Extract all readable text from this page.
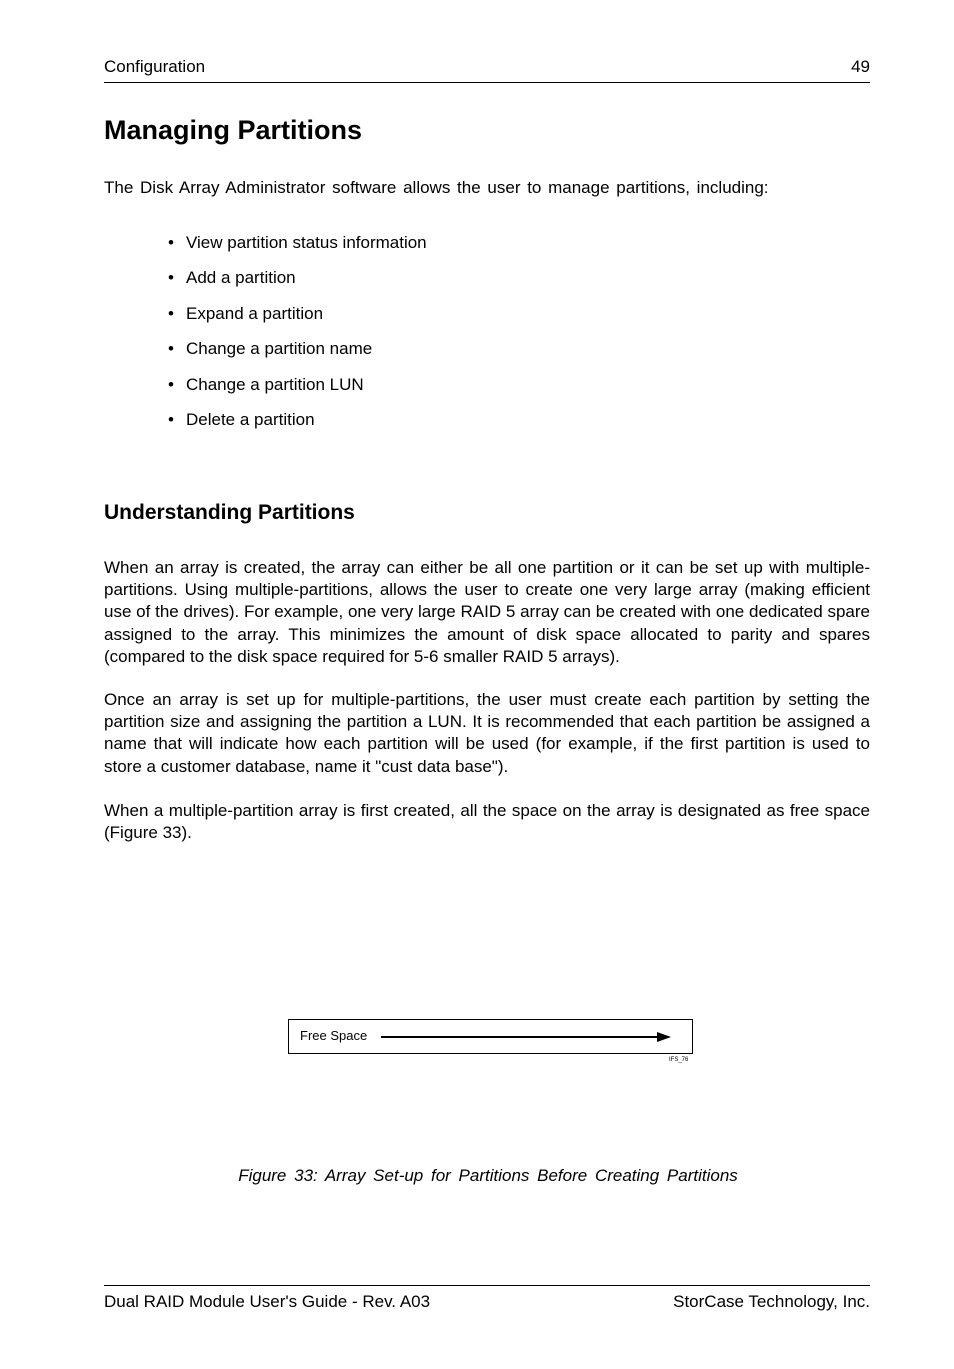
Configuration	49
Managing Partitions

The Disk Array Administrator software allows the user to manage partitions, including:

• View partition status information
• Add a partition
• Expand a partition
• Change a partition name
• Change a partition LUN
• Delete a partition
Understanding Partitions

When an array is created, the array can either be all one partition or it can be set up with multiple-partitions. Using multiple-partitions, allows the user to create one very large array (making efficient use of the drives). For example, one very large RAID 5 array can be created with one dedicated spare assigned to the array. This minimizes the amount of disk space allocated to parity and spares (compared to the disk space required for 5-6 smaller RAID 5 arrays).

Once an array is set up for multiple-partitions, the user must create each partition by setting the partition size and assigning the partition a LUN. It is recommended that each partition be assigned a name that will indicate how each partition will be used (for example, if the first partition is used to store a customer database, name it "cust data base").

When a multiple-partition array is first created, all the space on the array is designated as free space (Figure 33).

Free Space
IFS_76
Figure 33: Array Set-up for Partitions Before Creating Partitions
Dual RAID Module User's Guide - Rev. A03	StorCase Technology, Inc.
